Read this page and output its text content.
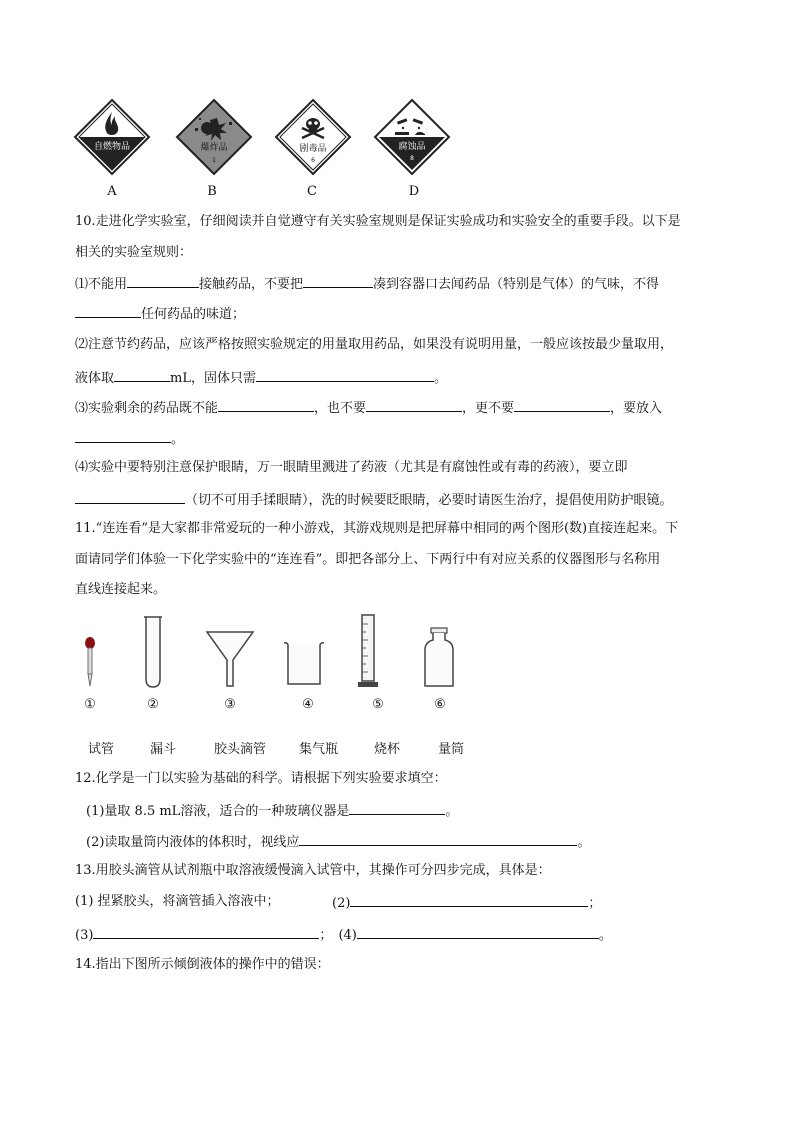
自燃物品	爆炸品
1
剧毒品
6
腐蚀品
8
A	B	C	D
10.走进化学实验室，仔细阅读并自觉遵守有关实验室规则是保证实验成功和实验安全的重要手段。以下是
相关的实验室规则：
⑴不能用	接触药品，不要把	凑到容器口去闻药品（特别是气体）的气味，不得
任何药品的味道；
⑵注意节约药品，应该严格按照实验规定的用量取用药品，如果没有说明用量，一般应该按最少量取用，
液体取	mL，固体只需	。
⑶实验剩余的药品既不能	，也不要	，更不要	，要放入
。
⑷实验中要特别注意保护眼睛，万一眼睛里溅进了药液（尤其是有腐蚀性或有毒的药液），要立即
（切不可用手揉眼睛），洗的时候要眨眼睛，必要时请医生治疗，提倡使用防护眼镜。
11.“连连看”是大家都非常爱玩的一种小游戏，其游戏规则是把屏幕中相同的两个图形(数)直接连起来。下
面请同学们体验一下化学实验中的“连连看”。即把各部分上、下两行中有对应关系的仪器图形与名称用
直线连接起来。
①	②	③	④	⑤	⑥
试管	漏斗	胶头滴管	集气瓶	烧杯	量筒
12.化学是一门以实验为基础的科学。请根据下列实验要求填空：
(1)量取 8.5 mL溶液，适合的一种玻璃仪器是	。
(2)读取量筒内液体的体积时，视线应	。
13.用胶头滴管从试剂瓶中取溶液缓慢滴入试管中，其操作可分四步完成，具体是：
(1) 捏紧胶头，将滴管插入溶液中；	(2)	；
(3)	； (4)	。
14.指出下图所示倾倒液体的操作中的错误：
